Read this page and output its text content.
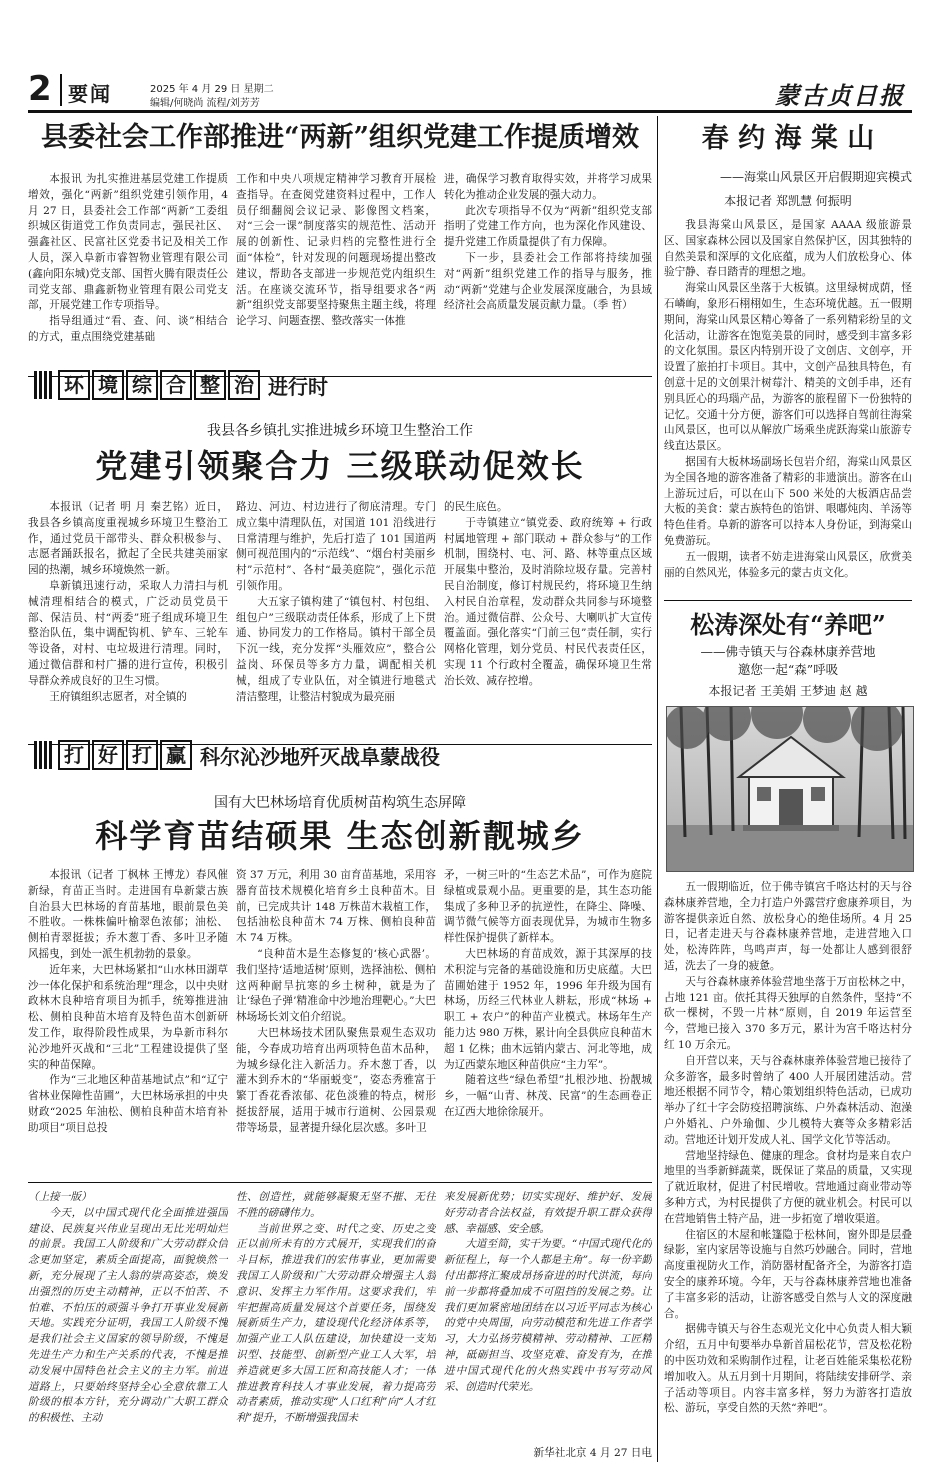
2 要闻	2025 年 4 月 29 日 星期二
编辑/何晓尚 流程/刘芳芳	蒙古贞日报
县委社会工作部推进“两新”组织党建工作提质增效

本报讯 为扎实推进基层党建工作提质增效，强化“两新”组织党建引领作用，4 月 27 日，县委社会工作部“两新”工委组织城区街道党工作负责同志，强民社区、强鑫社区、民富社区党委书记及相关工作人员，深入阜新市睿智物业管理有限公司(鑫向阳东城)党支部、国哲火腾有限责任公司党支部、鼎鑫新物业管理有限公司党支部，开展党建工作专项指导。

指导组通过“看、查、问、谈”相结合的方式，重点围绕党建基础

工作和中央八项规定精神学习教育开展检查指导。在查阅党建资料过程中，工作人员仔细翻阅会议记录、影像图文档案，对“三会一课”制度落实的规范性、活动开展的创新性、记录归档的完整性进行全面“体检”，针对发现的问题现场提出整改建议，帮助各支部进一步规范党内组织生活。在座谈交流环节，指导组要求各“两新”组织党支部要坚持聚焦主题主线，将理论学习、问题查摆、整改落实一体推

进，确保学习教育取得实效，并将学习成果转化为推动企业发展的强大动力。

此次专项指导不仅为“两新”组织党支部指明了党建工作方向，也为深化作风建设、提升党建工作质量提供了有力保障。

下一步，县委社会工作部将持续加强对“两新”组织党建工作的指导与服务，推动“两新”党建与企业发展深度融合，为县域经济社会高质量发展贡献力量。（季 哲）

环 境 综 合 整 治 进行时
我县各乡镇扎实推进城乡环境卫生整治工作
党建引领聚合力 三级联动促效长

本报讯（记者 明 月 秦艺铭）近日，我县各乡镇高度重视城乡环境卫生整治工作，通过党员干部带头、群众积极参与、志愿者踊跃报名，掀起了全民共建美丽家园的热潮，城乡环境焕然一新。

阜新镇迅速行动，采取人力清扫与机械清理相结合的模式，广泛动员党员干部、保洁员、村“两委”班子组成环境卫生整治队伍，集中调配钩机、铲车、三轮车等设备，对村、屯垃圾进行清理。同时，通过微信群和村广播的进行宣传，积极引导群众养成良好的卫生习惯。

王府镇组织志愿者，对全镇的

路边、河边、村边进行了彻底清理。专门成立集中清理队伍，对国道 101 沿线进行日常清理与维护，先后打造了 101 国道两侧可视范围内的“示范线”、“烟台村美丽乡村”示范村”、各村“最美庭院”，强化示范引领作用。

大五家子镇构建了“镇包村、村包组、组包户”三级联动责任体系，形成了上下贯通、协同发力的工作格局。镇村干部全员下沉一线，充分发挥“头雁效应”，整合公益岗、环保员等多方力量，调配相关机械，组成了专业队伍，对全镇进行地毯式清洁整理，让整洁村貌成为最亮丽

的民生底色。

于寺镇建立“镇党委、政府统筹 + 行政村属地管理 + 部门联动 + 群众参与”的工作机制，围绕村、屯、河、路、林等重点区域开展集中整治，及时消除垃圾存量。完善村民自治制度，修订村规民约，将环境卫生纳入村民自治章程，发动群众共同参与环境整治。通过微信群、公众号、大喇叭扩大宣传覆盖面。强化落实“门前三包”责任制，实行网格化管理，划分党员、村民代表责任区，实现 11 个行政村全覆盖，确保环境卫生常治长效、减存控增。

打 好 打 赢 科尔沁沙地歼灭战阜蒙战役
国有大巴林场培育优质树苗构筑生态屏障
科学育苗结硕果 生态创新靓城乡

本报讯（记者 丁枫林 王博龙）春风催新绿，育苗正当时。走进国有阜新蒙古族自治县大巴林场的育苗基地，眼前景色美不胜收。一株株偏叶榆翠色浓郁；油松、侧柏青翠挺拔；乔木葱丁香、多叶卫矛随风摇曳，到处一派生机勃勃的景象。

近年来，大巴林场紧扣“山水林田湖草沙一体化保护和系统治理”理念，以中央财政林木良种培育项目为抓手，统筹推进油松、侧柏良种苗木培育及特色苗木创新研发工作，取得阶段性成果，为阜新市科尔沁沙地歼灭战和“三北”工程建设提供了坚实的种苗保障。

作为“三北地区种苗基地试点”和“辽宁省林业保障性苗圃”，大巴林场承担的中央财政“2025 年油松、侧柏良种苗木培育补助项目”项目总投

资 37 万元，利用 30 亩育苗基地，采用容器育苗技术规模化培育乡土良种苗木。目前，已完成共计 148 万株苗木栽植工作，包括油松良种苗木 74 万株、侧柏良种苗木 74 万株。

“良种苗木是生态修复的‘核心武器’。我们坚持‘适地适树’原则，选择油松、侧柏这两种耐旱抗寒的乡土树种，就是为了让‘绿色子弹’精准命中沙地治理靶心。”大巴林场场长刘文伯介绍说。

大巴林场技术团队聚焦景观生态双功能，今春成功培育出两项特色苗木品种，为城乡绿化注入新活力。乔木葱丁香，以灌木到乔木的“华丽蜕变”，姿态秀雅富于繁丁香花香浓郁、花色淡雅的特点，树形挺拔舒展，适用于城市行道树、公园景观带等场景，显著提升绿化层次感。多叶卫

矛，一树三叶的“生态艺术品”，可作为庭院绿植或景观小品。更重要的是，其生态功能集成了多种卫矛的抗逆性，在降尘、降噪、调节微气候等方面表现优异，为城市生物多样性保护提供了新样本。

大巴林场的育苗成效，源于其深厚的技术积淀与完备的基础设施和历史底蕴。大巴苗圃始建于 1952 年，1996 年升级为国有林场，历经三代林业人耕耘，形成“林场 + 职工 + 农户”的种苗产业模式。林场年生产能力达 980 万株，累计向全县供应良种苗木超 1 亿株；曲木远销内蒙古、河北等地，成为辽西蒙东地区种苗供应“主力军”。

随着这些“绿色希望”扎根沙地、扮靓城乡，一幅“山青、林茂、民富”的生态画卷正在辽西大地徐徐展开。

（上接一版）

今天，以中国式现代化全面推进强国建设、民族复兴伟业呈现出无比光明灿烂的前景。我国工人阶级和广大劳动群众信念更加坚定，素质全面提高，面貌焕然一新，充分展现了主人翁的崇高姿态，焕发出强烈的历史主动精神，正以不怕苦、不怕难、不怕压的顽强斗争打开事业发展新天地。实践充分证明，我国工人阶级不愧是我们社会主义国家的领导阶级，不愧是先进生产力和生产关系的代表，不愧是推动发展中国特色社会主义的主力军。前进道路上，只要始终坚持全心全意依靠工人阶级的根本方针，充分调动广大职工群众的积极性、主动

性、创造性，就能够凝聚无坚不摧、无往不胜的磅礴伟力。

当前世界之变、时代之变、历史之变正以前所未有的方式展开，实现我们的奋斗目标，推进我们的宏伟事业，更加需要我国工人阶级和广大劳动群众增强主人翁意识、发挥主力军作用。这要求我们，牢牢把握高质量发展这个首要任务，围绕发展新质生产力，建设现代化经济体系等，加强产业工人队伍建设，加快建设一支知识型、技能型、创新型产业工人大军，培养造就更多大国工匠和高技能人才；一体推进教育科技人才事业发展，着力提高劳动者素质，推动实现“人口红利”向“人才红利”提升，不断增强我国未

来发展新优势；切实实现好、维护好、发展好劳动者合法权益，有效提升职工群众获得感、幸福感、安全感。

大道至简，实干为要。“中国式现代化的新征程上，每一个人都是主角”。每一份辛勤付出都将汇聚成昂扬奋进的时代洪流，每向前一步都将叠加成不可阻挡的发展之势。让我们更加紧密地团结在以习近平同志为核心的党中央周围，向劳动模范和先进工作者学习，大力弘扬劳模精神、劳动精神、工匠精神，砥砺担当、攻坚克难、奋发有为，在推进中国式现代化的火热实践中书写劳动风采、创造时代荣光。

新华社北京 4 月 27 日电
春 约 海 棠 山
——海棠山风景区开启假期迎宾模式
本报记者 郑凯慧 何振明

我县海棠山风景区，是国家 AAAA 级旅游景区、国家森林公园以及国家自然保护区，因其独特的自然美景和深厚的文化底蕴，成为人们放松身心、体验宁静、春日踏青的理想之地。

海棠山风景区坐落于大板镇。这里绿树成荫，怪石嶙峋，象形石栩栩如生，生态环境优越。五一假期期间，海棠山风景区精心筹备了一系列精彩纷呈的文化活动，让游客在饱览美景的同时，感受到丰富多彩的文化氛围。景区内特别开设了文创店、文创亭，开设置了旅拍打卡项目。其中，文创产品独具特色，有创意十足的文创果汁树莓汁、精美的文创手串，还有别具匠心的玛瑙产品，为游客的旅程留下一份独特的记忆。交通十分方便，游客们可以选择自驾前往海棠山风景区，也可以从解放广场乘坐虎跃海棠山旅游专线直达景区。

据国有大板林场副场长包岩介绍，海棠山风景区为全国各地的游客准备了精彩的非遗演出。游客在山上游玩过后，可以在山下 500 米处的大板酒店品尝大板的美食：蒙古族特色的馅饼、哏嘟炖肉、羊汤等特色佳肴。阜新的游客可以持本人身份证，到海棠山免费游玩。

五一假期，读者不妨走进海棠山风景区，欣赏美丽的自然风光，体验多元的蒙古贞文化。

松涛深处有“养吧”
——佛寺镇天与谷森林康养营地
邀您一起“森”呼吸
本报记者 王美娟 王梦迪 赵 越

五一假期临近，位于佛寺镇宫千咯达村的天与谷森林康养营地，全力打造户外露营疗愈康养项目，为游客提供亲近自然、放松身心的绝佳场所。4 月 25 日，记者走进天与谷森林康养营地，走进营地入口处，松涛阵阵，鸟鸣声声，每一处都让人感到很舒适，洗去了一身的疲惫。

天与谷森林康养体验营地坐落于万亩松林之中，占地 121 亩。依托其得天独厚的自然条件，坚持“不砍一棵树，不毁一片林”原则，自 2019 年运营至今，营地已接入 370 多万元，累计为宫千咯达村分红 10 万余元。

自开营以来，天与谷森林康养体验营地已接待了众多游客，最多时曾纳了 400 人开展团建活动。营地还根据不同节令，精心策划组织特色活动，已成功举办了红十字会防疫招聘演练、户外森林活动、泡澡户外婚礼、户外瑜伽、少儿模特大赛等众多精彩活动。营地还计划开发成人礼、国学文化节等活动。

营地坚持绿色、健康的理念。食材均是来自农户地里的当季新鲜蔬菜，既保证了菜品的质量，又实现了就近取材，促进了村民增收。营地通过商业带动等多种方式，为村民提供了方便的就业机会。村民可以在营地销售土特产品，进一步拓宽了增收渠道。

住宿区的木屋和帐篷隐于松林间，窗外即是层叠绿影，室内家居等设施与自然巧妙融合。同时，营地高度重视防火工作，消防器材配备齐全，为游客打造安全的康养环境。今年，天与谷森林康养营地也准备了丰富多彩的活动，让游客感受自然与人文的深度融合。

据佛寺镇天与谷生态观光文化中心负责人相大颖介绍，五月中旬要举办阜新首届松花节，营及松花粉的中医功效和采购制作过程，让老百姓能采集松花粉增加收入。从五月到十月期间，将陆续安排研学、亲子活动等项目。内容丰富多样，努力为游客打造放松、游玩，享受自然的天然“养吧”。
